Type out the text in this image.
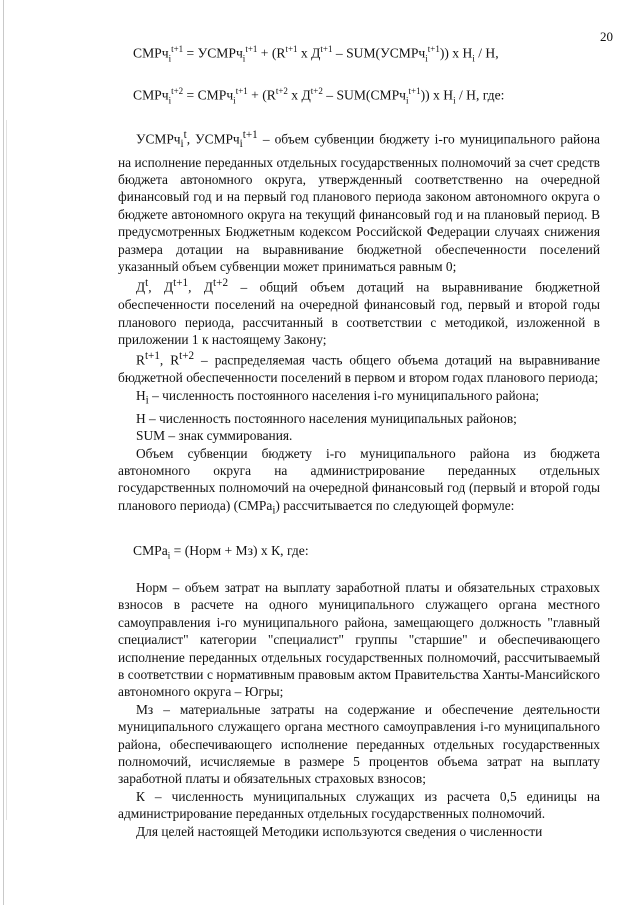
20
СМРч$_i^{t+1}$ = УСМРч$_i^{t+1}$ + ($R^{t+1}$ x $Д^{t+1}$ – SUM(УСМРч$_i^{t+1}$)) x $H_i$ / H,
СМРч$_i^{t+2}$ = СМРч$_i^{t+1}$ + ($R^{t+2}$ x $Д^{t+2}$ – SUM(СМРч$_i^{t+1}$)) x $H_i$ / H, где:

УСМРч$_i^t$, УСМРч$_i^{t+1}$ – объем субвенции бюджету i-го муниципального района на исполнение переданных отдельных государственных полномочий за счет средств бюджета автономного округа, утвержденный соответственно на очередной финансовый год и на первый год планового периода законом автономного округа о бюджете автономного округа на текущий финансовый год и на плановый период. В предусмотренных Бюджетным кодексом Российской Федерации случаях снижения размера дотации на выравнивание бюджетной обеспеченности поселений указанный объем субвенции может приниматься равным 0;

$Д^t$, $Д^{t+1}$, $Д^{t+2}$ – общий объем дотаций на выравнивание бюджетной обеспеченности поселений на очередной финансовый год, первый и второй годы планового периода, рассчитанный в соответствии с методикой, изложенной в приложении 1 к настоящему Закону;

$R^{t+1}$, $R^{t+2}$ – распределяемая часть общего объема дотаций на выравнивание бюджетной обеспеченности поселений в первом и втором годах планового периода;

$H_i$ – численность постоянного населения i-го муниципального района;

H – численность постоянного населения муниципальных районов;

SUM – знак суммирования.

Объем субвенции бюджету i-го муниципального района из бюджета автономного округа на администрирование переданных отдельных государственных полномочий на очередной финансовый год (первый и второй годы планового периода) (СМРа$_i$) рассчитывается по следующей формуле:

СМРа$_i$ = (Норм + Мз) x К, где:

Норм – объем затрат на выплату заработной платы и обязательных страховых взносов в расчете на одного муниципального служащего органа местного самоуправления i-го муниципального района, замещающего должность "главный специалист" категории "специалист" группы "старшие" и обеспечивающего исполнение переданных отдельных государственных полномочий, рассчитываемый в соответствии с нормативным правовым актом Правительства Ханты-Мансийского автономного округа – Югры;

Мз – материальные затраты на содержание и обеспечение деятельности муниципального служащего органа местного самоуправления i-го муниципального района, обеспечивающего исполнение переданных отдельных государственных полномочий, исчисляемые в размере 5 процентов объема затрат на выплату заработной платы и обязательных страховых взносов;

К – численность муниципальных служащих из расчета 0,5 единицы на администрирование переданных отдельных государственных полномочий.

Для целей настоящей Методики используются сведения о численности
